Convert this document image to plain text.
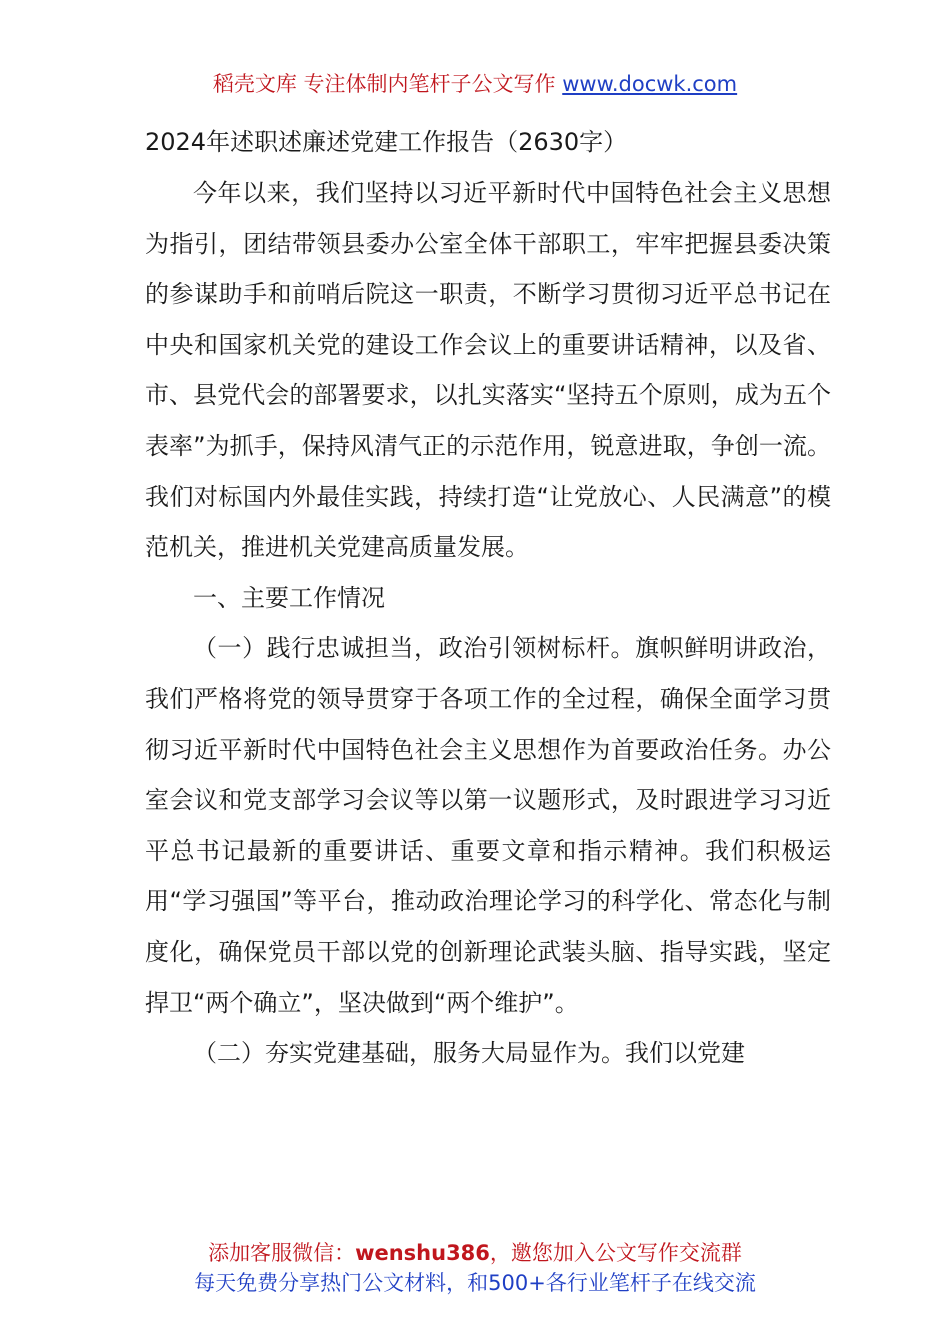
稻壳文库 专注体制内笔杆子公文写作 www.docwk.com
2024年述职述廉述党建工作报告（2630字）

今年以来，我们坚持以习近平新时代中国特色社会主义思想为指引，团结带领县委办公室全体干部职工，牢牢把握县委决策的参谋助手和前哨后院这一职责，不断学习贯彻习近平总书记在中央和国家机关党的建设工作会议上的重要讲话精神，以及省、市、县党代会的部署要求，以扎实落实“坚持五个原则，成为五个表率”为抓手，保持风清气正的示范作用，锐意进取，争创一流。我们对标国内外最佳实践，持续打造“让党放心、人民满意”的模范机关，推进机关党建高质量发展。

一、主要工作情况

（一）践行忠诚担当，政治引领树标杆。旗帜鲜明讲政治，我们严格将党的领导贯穿于各项工作的全过程，确保全面学习贯彻习近平新时代中国特色社会主义思想作为首要政治任务。办公室会议和党支部学习会议等以第一议题形式，及时跟进学习习近平总书记最新的重要讲话、重要文章和指示精神。我们积极运用“学习强国”等平台，推动政治理论学习的科学化、常态化与制度化，确保党员干部以党的创新理论武装头脑、指导实践，坚定捍卫“两个确立”，坚决做到“两个维护”。

（二）夯实党建基础，服务大局显作为。我们以党建

添加客服微信：wenshu386，邀您加入公文写作交流群
每天免费分享热门公文材料，和500+各行业笔杆子在线交流
